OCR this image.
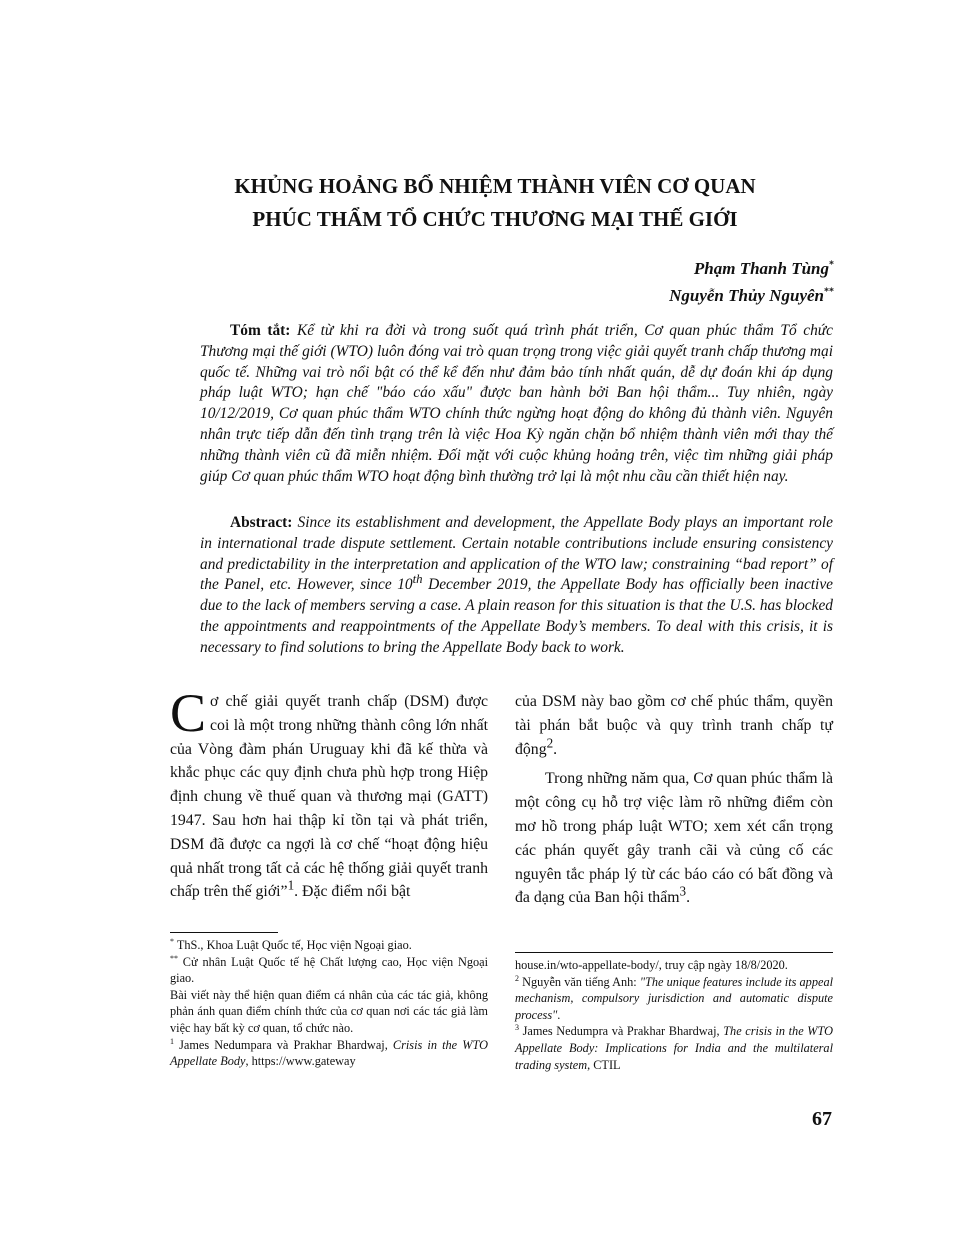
KHỦNG HOẢNG BỔ NHIỆM THÀNH VIÊN CƠ QUAN
PHÚC THẨM TỔ CHỨC THƯƠNG MẠI THẾ GIỚI
Phạm Thanh Tùng*
Nguyễn Thủy Nguyên**
Tóm tắt: Kể từ khi ra đời và trong suốt quá trình phát triển, Cơ quan phúc thẩm Tổ chức Thương mại thế giới (WTO) luôn đóng vai trò quan trọng trong việc giải quyết tranh chấp thương mại quốc tế. Những vai trò nổi bật có thể kể đến như đảm bảo tính nhất quán, dễ dự đoán khi áp dụng pháp luật WTO; hạn chế "báo cáo xấu" được ban hành bởi Ban hội thẩm... Tuy nhiên, ngày 10/12/2019, Cơ quan phúc thẩm WTO chính thức ngừng hoạt động do không đủ thành viên. Nguyên nhân trực tiếp dẫn đến tình trạng trên là việc Hoa Kỳ ngăn chặn bổ nhiệm thành viên mới thay thế những thành viên cũ đã miễn nhiệm. Đối mặt với cuộc khủng hoảng trên, việc tìm những giải pháp giúp Cơ quan phúc thẩm WTO hoạt động bình thường trở lại là một nhu cầu cần thiết hiện nay.
Abstract: Since its establishment and development, the Appellate Body plays an important role in international trade dispute settlement. Certain notable contributions include ensuring consistency and predictability in the interpretation and application of the WTO law; constraining “bad report” of the Panel, etc. However, since 10th December 2019, the Appellate Body has officially been inactive due to the lack of members serving a case. A plain reason for this situation is that the U.S. has blocked the appointments and reappointments of the Appellate Body’s members. To deal with this crisis, it is necessary to find solutions to bring the Appellate Body back to work.

Cơ chế giải quyết tranh chấp (DSM) được coi là một trong những thành công lớn nhất của Vòng đàm phán Uruguay khi đã kế thừa và khắc phục các quy định chưa phù hợp trong Hiệp định chung về thuế quan và thương mại (GATT) 1947. Sau hơn hai thập kỉ tồn tại và phát triển, DSM đã được ca ngợi là cơ chế “hoạt động hiệu quả nhất trong tất cả các hệ thống giải quyết tranh chấp trên thế giới”$^1$. Đặc điểm nổi bật

của DSM này bao gồm cơ chế phúc thẩm, quyền tài phán bắt buộc và quy trình tranh chấp tự động$^2$.

Trong những năm qua, Cơ quan phúc thẩm là một công cụ hỗ trợ việc làm rõ những điểm còn mơ hồ trong pháp luật WTO; xem xét cẩn trọng các phán quyết gây tranh cãi và củng cố các nguyên tắc pháp lý từ các báo cáo có bất đồng và đa dạng của Ban hội thẩm$^3$.

* ThS., Khoa Luật Quốc tế, Học viện Ngoại giao.

** Cử nhân Luật Quốc tế hệ Chất lượng cao, Học viện Ngoại giao.

Bài viết này thể hiện quan điểm cá nhân của các tác giả, không phản ánh quan điểm chính thức của cơ quan nơi các tác giả làm việc hay bất kỳ cơ quan, tổ chức nào.

$^1$ James Nedumpara và Prakhar Bhardwaj, Crisis in the WTO Appellate Body, https://www.gateway

house.in/wto-appellate-body/, truy cập ngày 18/8/2020.

$^2$ Nguyễn văn tiếng Anh: "The unique features include its appeal mechanism, compulsory jurisdiction and automatic dispute process".

$^3$ James Nedumpra và Prakhar Bhardwaj, The crisis in the WTO Appellate Body: Implications for India and the multilateral trading system, CTIL

67
